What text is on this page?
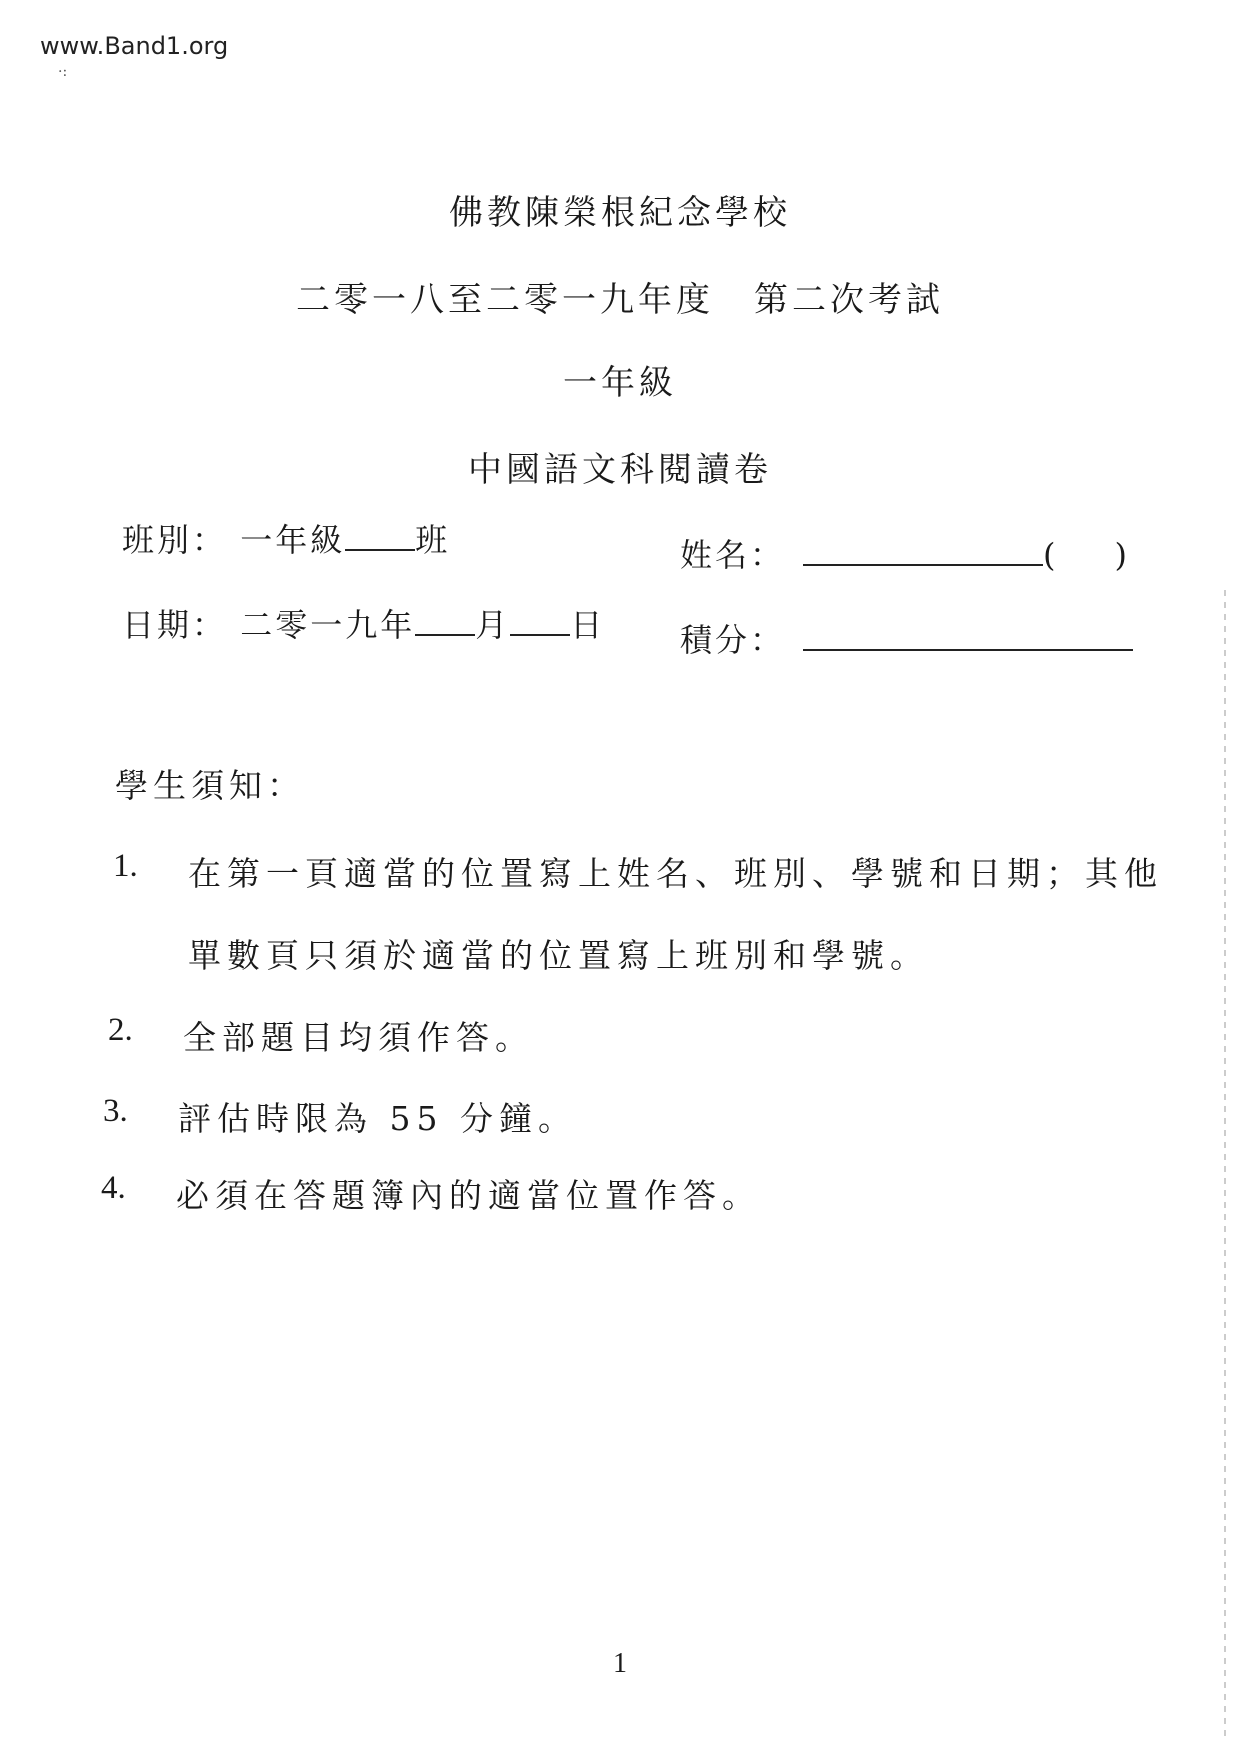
www.Band1.org
·:
佛教陳榮根紀念學校
二零一八至二零一九年度 第二次考試
一年級
中國語文科閱讀卷
班別： 一年級 班
日期： 二零一九年 月 日
姓名：	( )
積分：
學生須知：
1. 在第一頁適當的位置寫上姓名、班別、學號和日期；其他
單數頁只須於適當的位置寫上班別和學號。
2. 全部題目均須作答。
3. 評估時限為 55 分鐘。
4. 必須在答題簿內的適當位置作答。
1
